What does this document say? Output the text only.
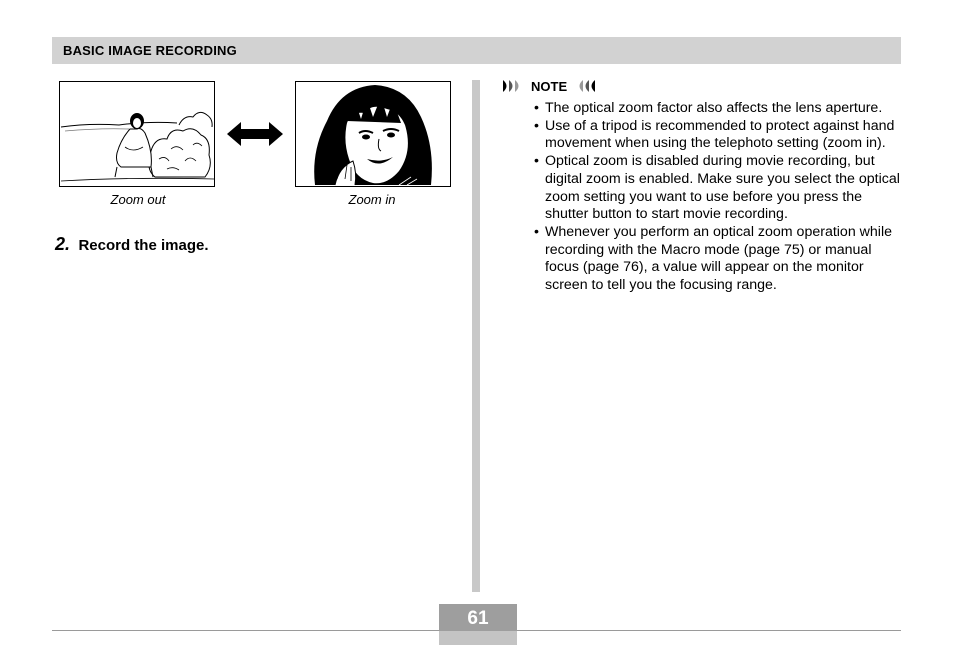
BASIC IMAGE RECORDING
Zoom out	Zoom in
2. Record the image.
NOTE
• The optical zoom factor also affects the lens aperture.
• Use of a tripod is recommended to protect against hand movement when using the telephoto setting (zoom in).
• Optical zoom is disabled during movie recording, but digital zoom is enabled. Make sure you select the optical zoom setting you want to use before you press the shutter button to start movie recording.
• Whenever you perform an optical zoom operation while recording with the Macro mode (page 75) or manual focus (page 76), a value will appear on the monitor screen to tell you the focusing range.
61
